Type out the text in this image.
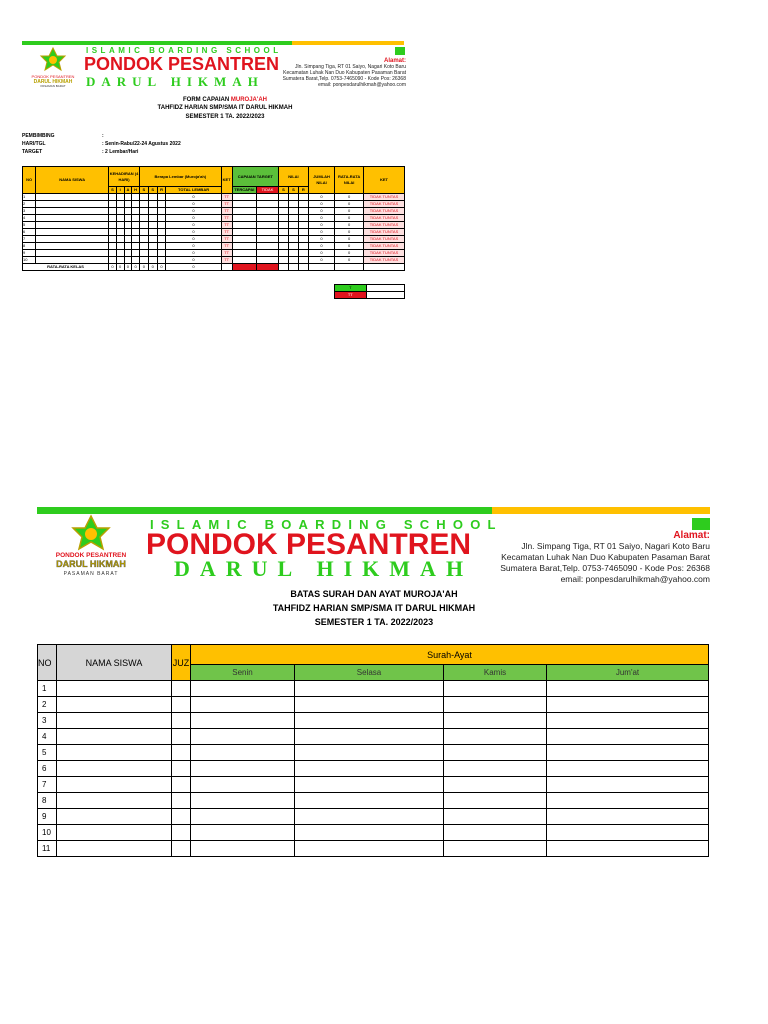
PONDOK PESANTREN
DARUL HIKMAH
PASAMAN BARAT
ISLAMIC BOARDING SCHOOL
PONDOK PESANTREN
DARUL HIKMAH
Alamat:
Jln. Simpang Tiga, RT 01 Saiyo, Nagari Koto Baru
Kecamatan Luhak Nan Duo Kabupaten Pasaman Barat
Sumatera Barat,Telp. 0753-7465090 - Kode Pos: 26368
email: ponpesdarulhikmah@yahoo.com
FORM CAPAIAN MUROJA'AH
TAHFIDZ HARIAN SMP/SMA IT DARUL HIKMAH
SEMESTER 1 TA. 2022/2023
PEMBIMBING	:
HARI/TGL	: Senin-Rabu/22-24 Agustus 2022
TARGET	: 2 Lembar/Hari
NO	NAMA SISWA	KEHADIRAN (4 HARI)				Berapa Lembar (Muroja'ah)				KET	CAPAIAN TARGET		NILAI			JUMLAH NILAI	RATA-RATA NILAI	KET
		S	I	A	H	S	S	R	TOTAL LEMBAR		TERCAPAI	TIDAK	S	S	R			
1									0	TT						0	0	TIDAK TUNTAS
2									0	TT						0	0	TIDAK TUNTAS
3									0	TT						0	0	TIDAK TUNTAS
4									0	TT						0	0	TIDAK TUNTAS
5									0	TT						0	0	TIDAK TUNTAS
6									0	TT						0	0	TIDAK TUNTAS
7									0	TT						0	0	TIDAK TUNTAS
8									0	TT						0	0	TIDAK TUNTAS
9									0	TT						0	0	TIDAK TUNTAS
10									0	TT						0	0	TIDAK TUNTAS
RATA-RATA KELAS		0	0	0	0	0	0	0	0									
T	
TT	
PONDOK PESANTREN
DARUL HIKMAH
PASAMAN BARAT
ISLAMIC BOARDING SCHOOL
PONDOK PESANTREN
DARUL HIKMAH
Alamat:
Jln. Simpang Tiga, RT 01 Saiyo, Nagari Koto Baru
Kecamatan Luhak Nan Duo Kabupaten Pasaman Barat
Sumatera Barat,Telp. 0753-7465090 - Kode Pos: 26368
email: ponpesdarulhikmah@yahoo.com
BATAS SURAH DAN AYAT MUROJA'AH
TAHFIDZ HARIAN SMP/SMA IT DARUL HIKMAH
SEMESTER 1 TA. 2022/2023
NO	NAMA SISWA	JUZ	Surah-Ayat			
			Senin	Selasa	Kamis	Jum'at
1						
2						
3						
4						
5						
6						
7						
8						
9						
10						
11						
